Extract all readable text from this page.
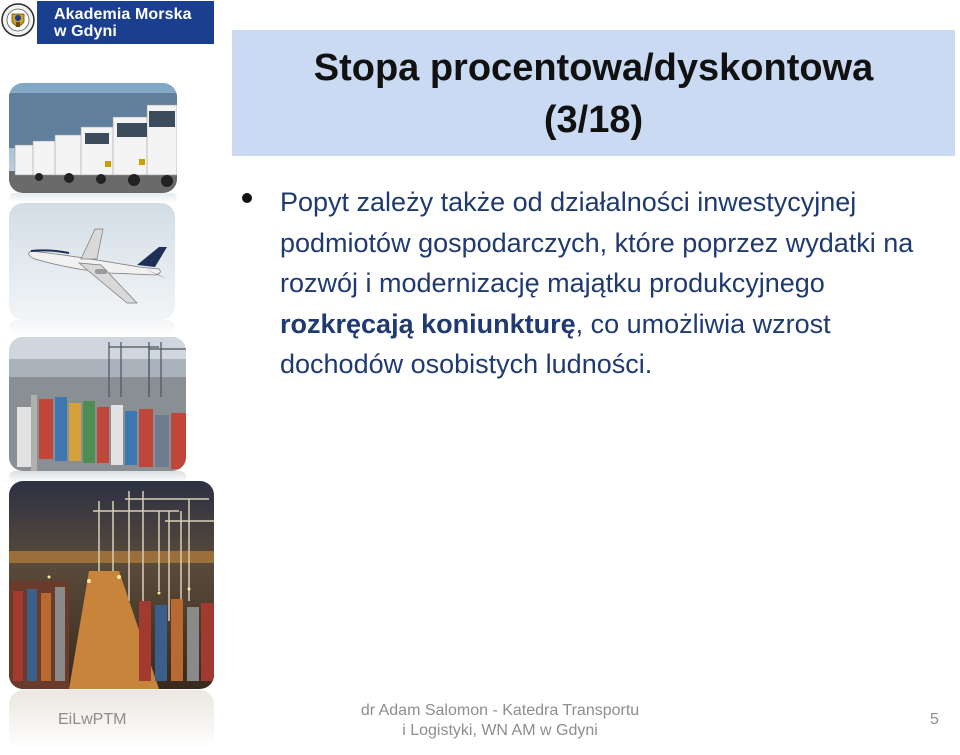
Akademia Morska
w Gdyni
Stopa procentowa/dyskontowa
(3/18)
Popyt zależy także od działalności inwestycyjnej podmiotów gospodarczych, które poprzez wydatki na rozwój i modernizację majątku produkcyjnego rozkręcają koniunkturę, co umożliwia wzrost dochodów osobistych ludności.
EiLwPTM
dr Adam Salomon - Katedra Transportu
i Logistyki, WN AM w Gdyni
5
